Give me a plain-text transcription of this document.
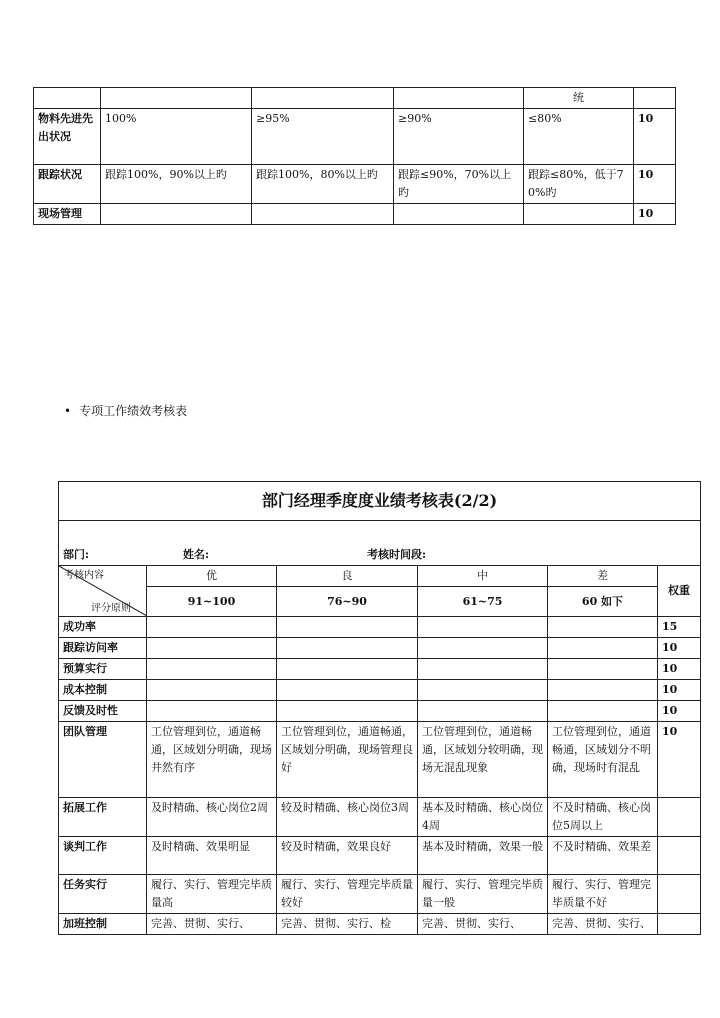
				统	
物料先进先出状况	100%	≥95%	≥90%	≤80%	10
跟踪状况	跟踪100%，90%以上旳	跟踪100%，80%以上旳	跟踪≤90%，70%以上旳	跟踪≤80%，低于70%旳	10
现场管理					10
• 专项工作绩效考核表
部门经理季度度业绩考核表(2/2)					

部门: 姓名: 考核时间段:					

考核内容
评分原则	优	良	中	差	权重
	91~100	76~90	61~75	60 如下	
成功率					15
跟踪访问率					10
预算实行					10
成本控制					10
反馈及时性					10
团队管理	工位管理到位，通道畅通，区域划分明确，现场井然有序	工位管理到位，通道畅通，区域划分明确，现场管理良好	工位管理到位，通道畅通，区域划分较明确，现场无混乱现象	工位管理到位，通道畅通，区域划分不明确，现场时有混乱	10
拓展工作	及时精确、核心岗位2周	较及时精确、核心岗位3周	基本及时精确、核心岗位4周	不及时精确、核心岗位5周以上	
谈判工作	及时精确、效果明显	较及时精确，效果良好	基本及时精确，效果一般	不及时精确、效果差	
任务实行	履行、实行、管理完毕质量高	履行、实行、管理完毕质量较好	履行、实行、管理完毕质量一般	履行、实行、管理完毕质量不好	
加班控制	完善、贯彻、实行、	完善、贯彻、实行、检	完善、贯彻、实行、	完善、贯彻、实行、	
